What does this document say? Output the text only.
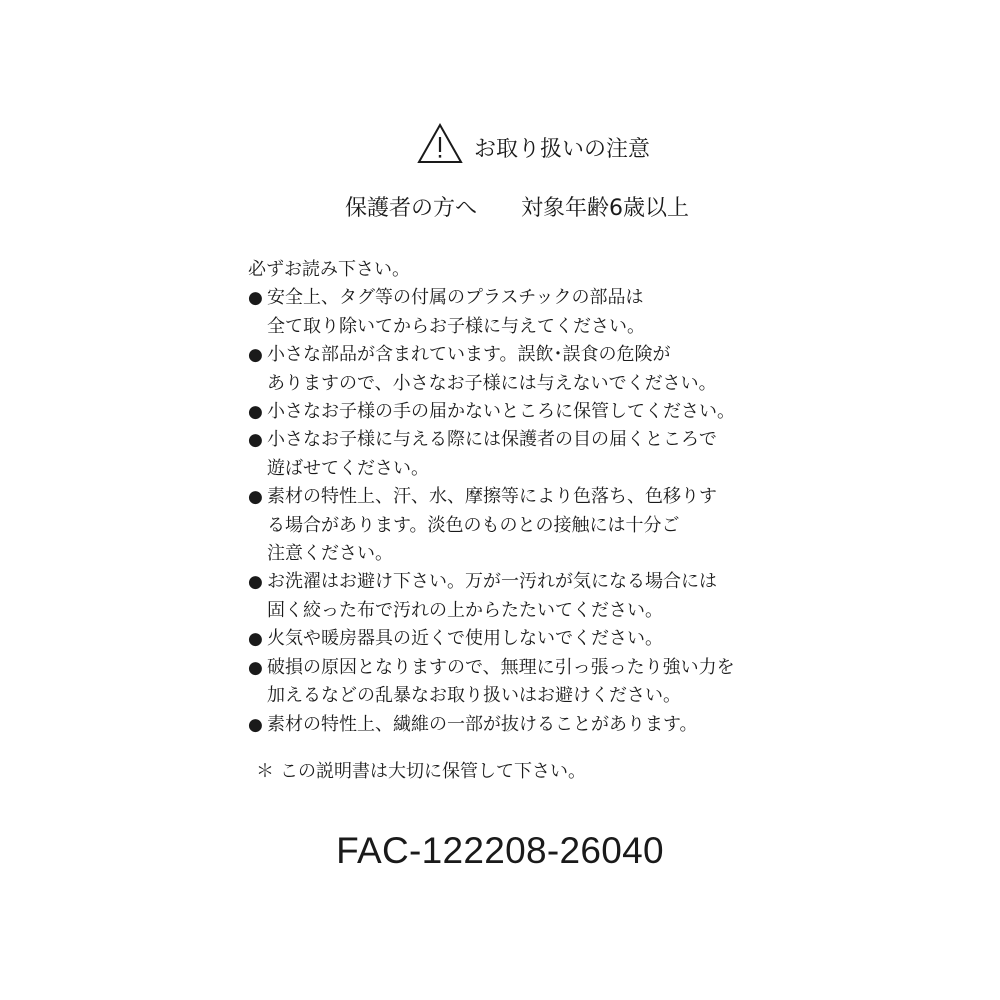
お取り扱いの注意
保護者の方へ 対象年齢6歳以上
必ずお読み下さい。
● 安全上、タグ等の付属のプラスチックの部品は
全て取り除いてからお子様に与えてください。
● 小さな部品が含まれています。誤飲･誤食の危険が
ありますので、小さなお子様には与えないでください。
● 小さなお子様の手の届かないところに保管してください。
● 小さなお子様に与える際には保護者の目の届くところで
遊ばせてください。
● 素材の特性上、汗、水、摩擦等により色落ち、色移りす
る場合があります。淡色のものとの接触には十分ご
注意ください。
● お洗濯はお避け下さい。万が一汚れが気になる場合には
固く絞った布で汚れの上からたたいてください。
● 火気や暖房器具の近くで使用しないでください。
● 破損の原因となりますので、無理に引っ張ったり強い力を
加えるなどの乱暴なお取り扱いはお避けください。
● 素材の特性上、繊維の一部が抜けることがあります。
＊ この説明書は大切に保管して下さい。
FAC-122208-26040
